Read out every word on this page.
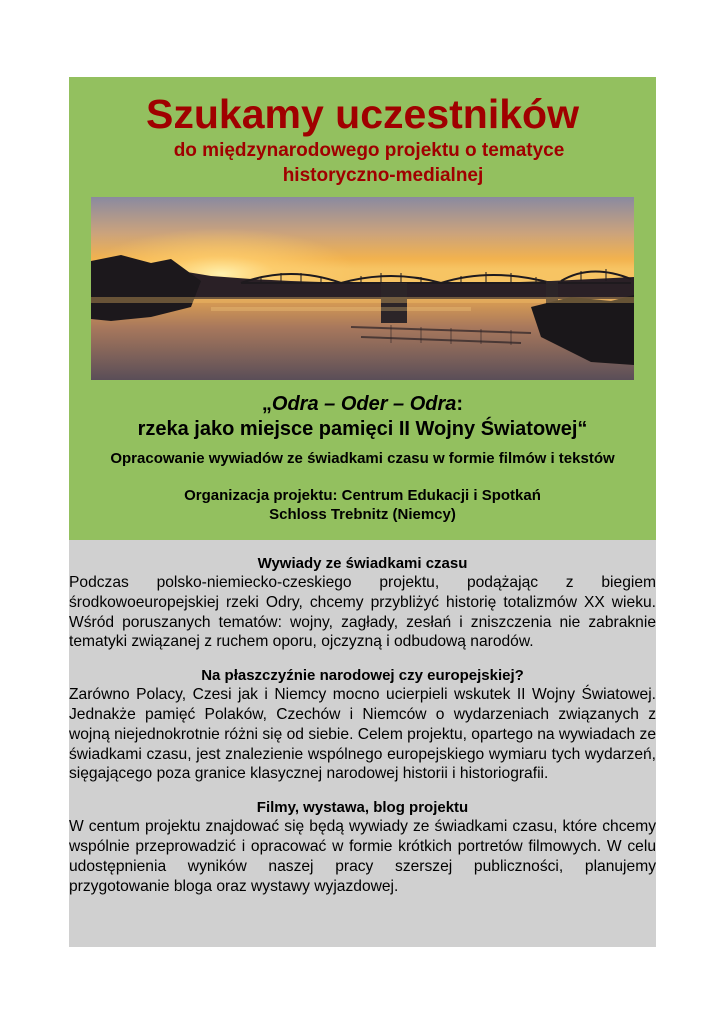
Szukamy uczestników
do międzynarodowego projektu o tematyce
historyczno-medialnej
„Odra – Oder – Odra:
rzeka jako miejsce pamięci II Wojny Światowej“

Opracowanie wywiadów ze świadkami czasu w formie filmów i tekstów

Organizacja projektu: Centrum Edukacji i Spotkań
Schloss Trebnitz (Niemcy)
Wywiady ze świadkami czasu

Podczas polsko-niemiecko-czeskiego projektu, podążając z biegiem środkowoeuropejskiej rzeki Odry, chcemy przybliżyć historię totalizmów XX wieku. Wśród poruszanych tematów: wojny, zagłady, zesłań i zniszczenia nie zabraknie tematyki związanej z ruchem oporu, ojczyzną i odbudową narodów.

Na płaszczyźnie narodowej czy europejskiej?

Zarówno Polacy, Czesi jak i Niemcy mocno ucierpieli wskutek II Wojny Światowej. Jednakże pamięć Polaków, Czechów i Niemców o wydarzeniach związanych z wojną niejednokrotnie różni się od siebie. Celem projektu, opartego na wywiadach ze świadkami czasu, jest znalezienie wspólnego europejskiego wymiaru tych wydarzeń, sięgającego poza granice klasycznej narodowej historii i historiografii.

Filmy, wystawa, blog projektu

W centum projektu znajdować się będą wywiady ze świadkami czasu, które chcemy wspólnie przeprowadzić i opracować w formie krótkich portretów filmowych. W celu udostępnienia wyników naszej pracy szerszej publiczności, planujemy przygotowanie bloga oraz wystawy wyjazdowej.
